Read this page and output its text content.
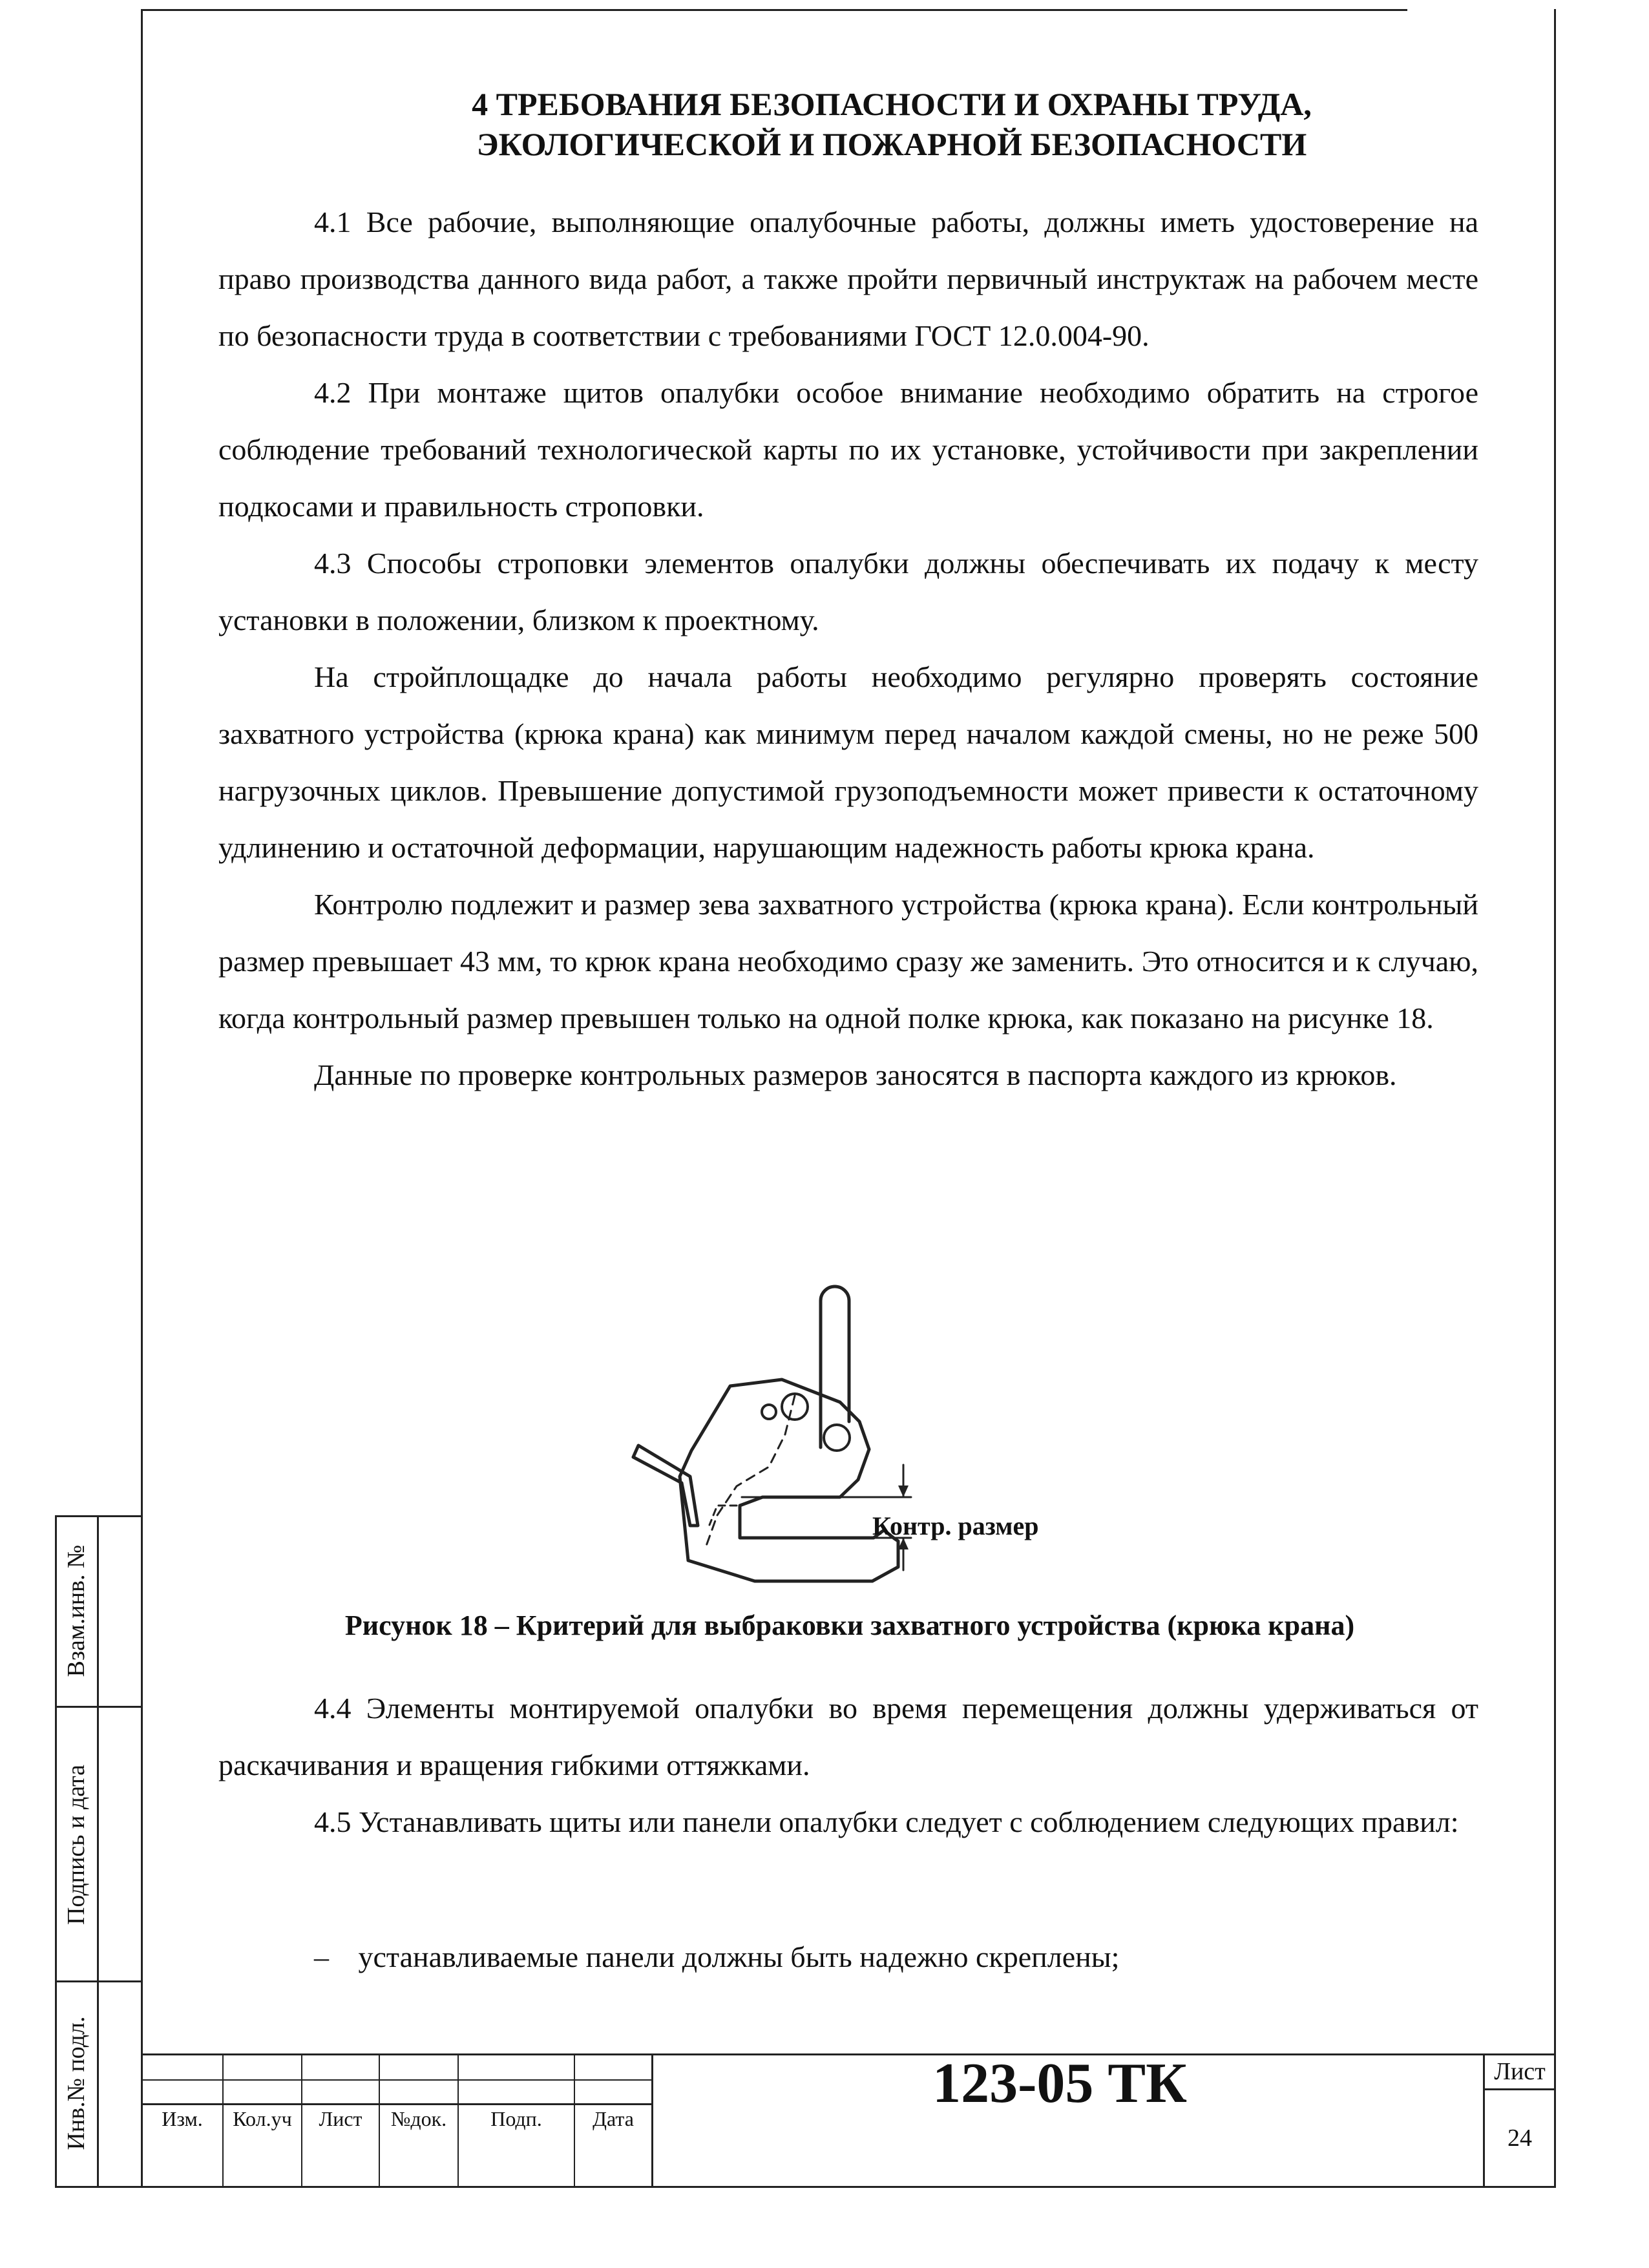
Взам.инв. №
Подпись и дата
Инв.№ подл.
4 ТРЕБОВАНИЯ БЕЗОПАСНОСТИ И ОХРАНЫ ТРУДА,
ЭКОЛОГИЧЕСКОЙ И ПОЖАРНОЙ БЕЗОПАСНОСТИ

4.1 Все рабочие, выполняющие опалубочные работы, должны иметь удостоверение на право производства данного вида работ, а также пройти первичный инструктаж на рабочем месте по безопасности труда в соответствии с требованиями ГОСТ 12.0.004-90.

4.2 При монтаже щитов опалубки особое внимание необходимо обратить на строгое соблюдение требований технологической карты по их установке, устойчивости при закреплении подкосами и правильность строповки.

4.3 Способы строповки элементов опалубки должны обеспечивать их подачу к месту установки в положении, близком к проектному.

На стройплощадке до начала работы необходимо регулярно проверять состояние захватного устройства (крюка крана) как минимум перед началом каждой смены, но не реже 500 нагрузочных циклов. Превышение допустимой грузоподъемности может привести к остаточному удлинению и остаточной деформации, нарушающим надежность работы крюка крана.

Контролю подлежит и размер зева захватного устройства (крюка крана). Если контрольный размер превышает 43 мм, то крюк крана необходимо сразу же заменить. Это относится и к случаю, когда контрольный размер превышен только на одной полке крюка, как показано на рисунке 18.

Данные по проверке контрольных размеров заносятся в паспорта каждого из крюков.

Контр. размер
Рисунок 18 – Критерий для выбраковки захватного устройства (крюка крана)

4.4 Элементы монтируемой опалубки во время перемещения должны удерживаться от раскачивания и вращения гибкими оттяжками.

4.5 Устанавливать щиты или панели опалубки следует с соблюдением следующих правил:

– устанавливаемые панели должны быть надежно скреплены;
Изм.	Кол.уч	Лист	№док.	Подп.	Дата
123-05 ТК	Лист
24
